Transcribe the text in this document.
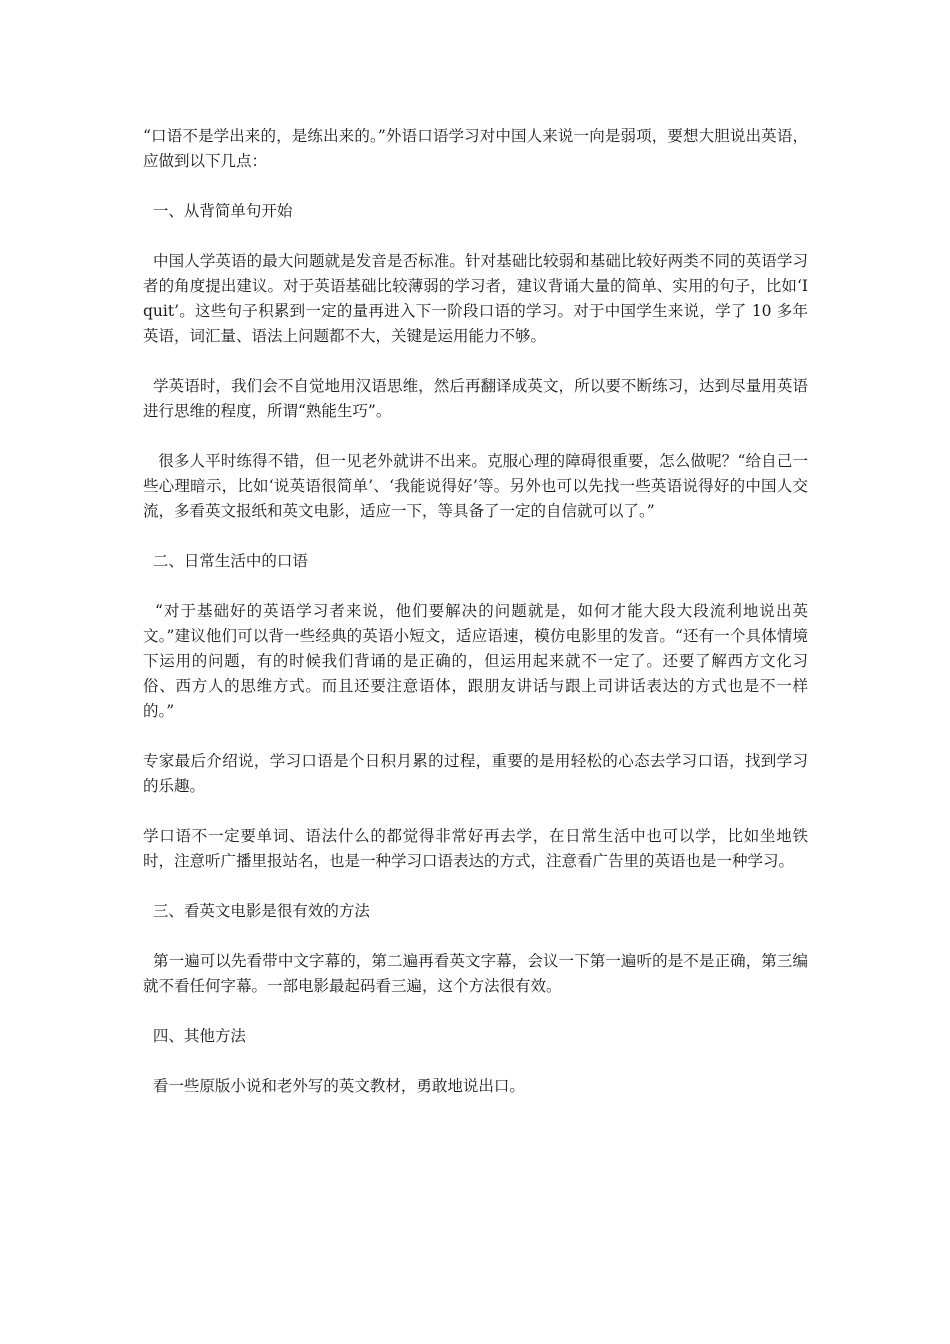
“口语不是学出来的，是练出来的。”外语口语学习对中国人来说一向是弱项，要想大胆说出英语，应做到以下几点：

一、从背简单句开始

中国人学英语的最大问题就是发音是否标准。针对基础比较弱和基础比较好两类不同的英语学习者的角度提出建议。对于英语基础比较薄弱的学习者，建议背诵大量的简单、实用的句子，比如‘I quit’。这些句子积累到一定的量再进入下一阶段口语的学习。对于中国学生来说，学了 10 多年英语，词汇量、语法上问题都不大，关键是运用能力不够。

学英语时，我们会不自觉地用汉语思维，然后再翻译成英文，所以要不断练习，达到尽量用英语进行思维的程度，所谓“熟能生巧”。

很多人平时练得不错，但一见老外就讲不出来。克服心理的障碍很重要，怎么做呢？“给自己一些心理暗示，比如‘说英语很简单’、‘我能说得好’等。另外也可以先找一些英语说得好的中国人交流，多看英文报纸和英文电影，适应一下，等具备了一定的自信就可以了。”

二、日常生活中的口语

“对于基础好的英语学习者来说，他们要解决的问题就是，如何才能大段大段流利地说出英文。”建议他们可以背一些经典的英语小短文，适应语速，模仿电影里的发音。“还有一个具体情境下运用的问题，有的时候我们背诵的是正确的，但运用起来就不一定了。还要了解西方文化习俗、西方人的思维方式。而且还要注意语体，跟朋友讲话与跟上司讲话表达的方式也是不一样的。”

专家最后介绍说，学习口语是个日积月累的过程，重要的是用轻松的心态去学习口语，找到学习的乐趣。

学口语不一定要单词、语法什么的都觉得非常好再去学，在日常生活中也可以学，比如坐地铁时，注意听广播里报站名，也是一种学习口语表达的方式，注意看广告里的英语也是一种学习。

三、看英文电影是很有效的方法

第一遍可以先看带中文字幕的，第二遍再看英文字幕，会议一下第一遍听的是不是正确，第三编就不看任何字幕。一部电影最起码看三遍，这个方法很有效。

四、其他方法

看一些原版小说和老外写的英文教材，勇敢地说出口。
